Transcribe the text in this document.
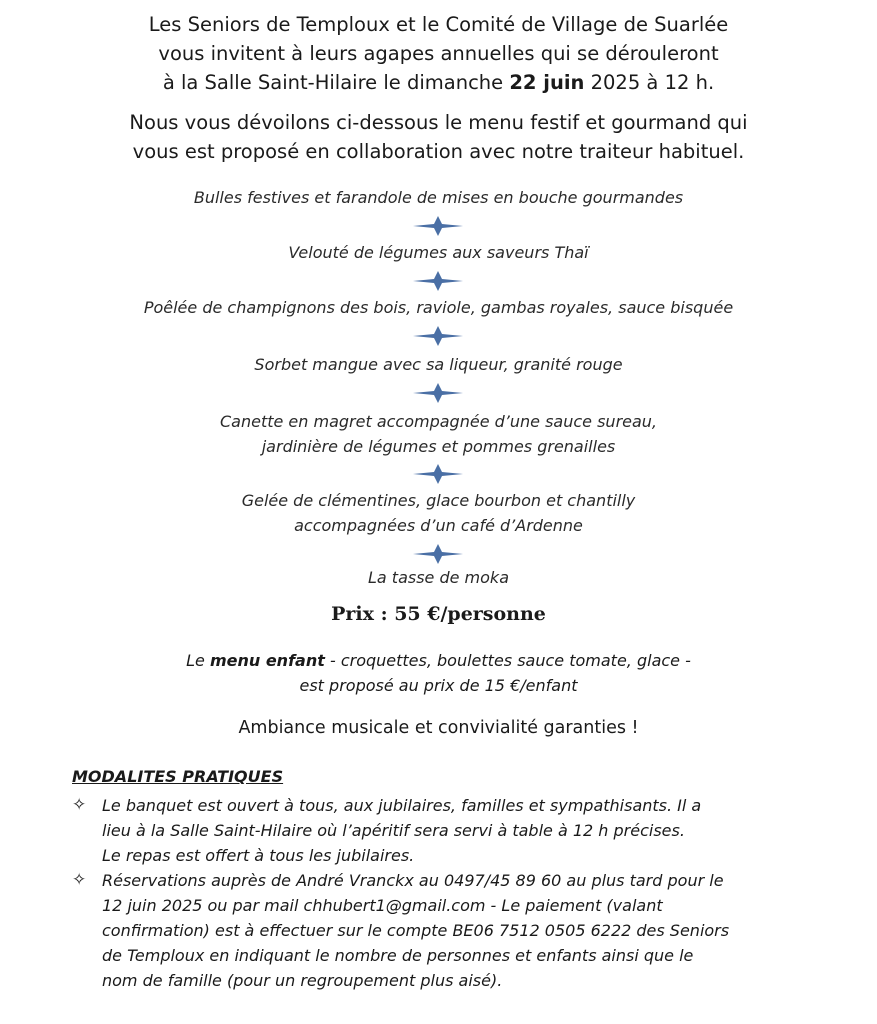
Les Seniors de Temploux et le Comité de Village de Suarlée

vous invitent à leurs agapes annuelles qui se dérouleront

à la Salle Saint-Hilaire le dimanche 22 juin 2025 à 12 h.

Nous vous dévoilons ci-dessous le menu festif et gourmand qui

vous est proposé en collaboration avec notre traiteur habituel.

Bulles festives et farandole de mises en bouche gourmandes

Velouté de légumes aux saveurs Thaï

Poêlée de champignons des bois, raviole, gambas royales, sauce bisquée

Sorbet mangue avec sa liqueur, granité rouge

Canette en magret accompagnée d’une sauce sureau,

jardinière de légumes et pommes grenailles

Gelée de clémentines, glace bourbon et chantilly

accompagnées d’un café d’Ardenne

La tasse de moka

Prix : 55 €/personne

Le menu enfant - croquettes, boulettes sauce tomate, glace -

est proposé au prix de 15 €/enfant

Ambiance musicale et convivialité garanties !
MODALITES PRATIQUES
✧ Le banquet est ouvert à tous, aux jubilaires, familles et sympathisants. Il a

lieu à la Salle Saint-Hilaire où l’apéritif sera servi à table à 12 h précises.

Le repas est offert à tous les jubilaires.

✧ Réservations auprès de André Vranckx au 0497/45 89 60 au plus tard pour le

12 juin 2025 ou par mail chhubert1@gmail.com - Le paiement (valant

confirmation) est à effectuer sur le compte BE06 7512 0505 6222 des Seniors

de Temploux en indiquant le nombre de personnes et enfants ainsi que le

nom de famille (pour un regroupement plus aisé).
